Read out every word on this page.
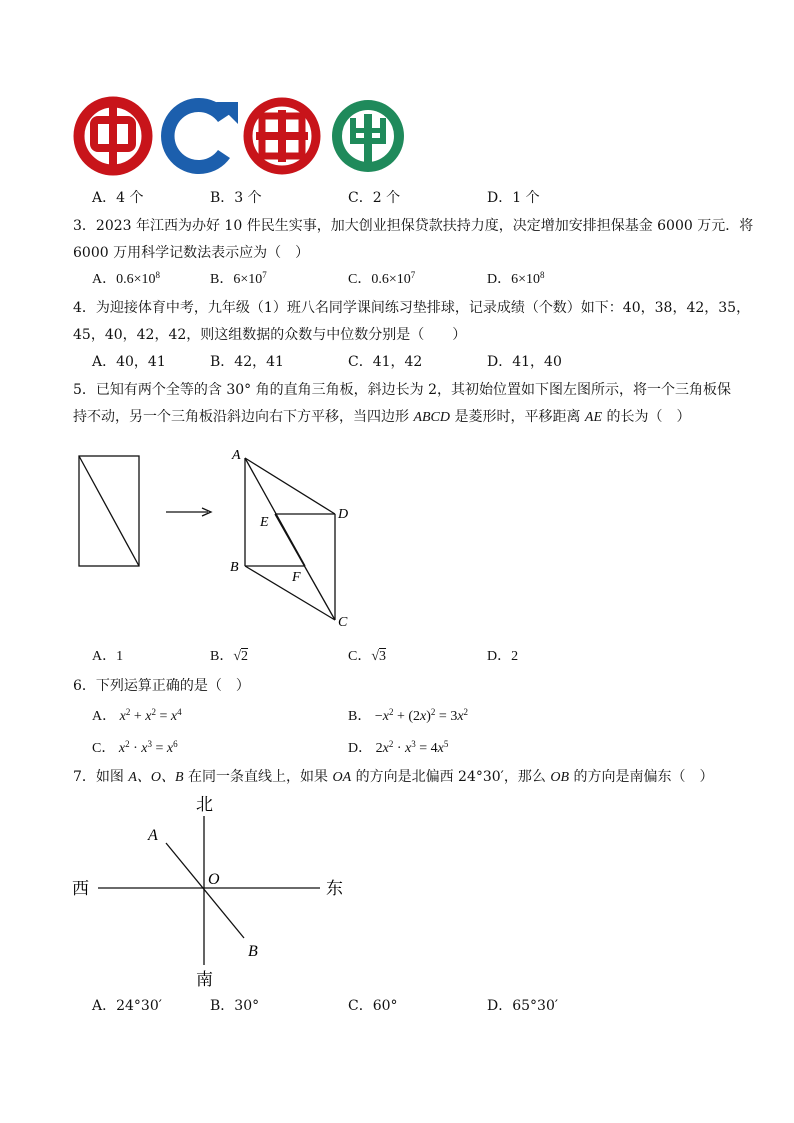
A．4 个	B．3 个	C．2 个	D．1 个
3．2023 年江西为办好 10 件民生实事，加大创业担保贷款扶持力度，决定增加安排担保基金 6000 万元．将
6000 万用科学记数法表示应为（　）
A．$0.6\times 10^8$	B．$6\times 10^7$	C．$0.6\times 10^7$	D．$6\times 10^8$
4．为迎接体育中考，九年级（1）班八名同学课间练习垫排球，记录成绩（个数）如下：40，38，42，35，
45，40，42，42，则这组数据的众数与中位数分别是（　　）
A．40，41	B．42，41	C．41，42	D．41，40
5．已知有两个全等的含 30° 角的直角三角板，斜边长为 2，其初始位置如下图左图所示，将一个三角板保
持不动，另一个三角板沿斜边向右下方平移，当四边形 ABCD 是菱形时，平移距离 AE 的长为（　）
A
B
C
D
E
F
A．1	B．√2	C．√3	D．2
6．下列运算正确的是（　）
A． $x^2 + x^2 = x^4$	B． $-x^2 + (2x)^2 = 3x^2$
C． $x^2 \cdot x^3 = x^6$	D． $2x^2 \cdot x^3 = 4x^5$
7．如图 A、O、B 在同一条直线上，如果 OA 的方向是北偏西 24°30′，那么 OB 的方向是南偏东（　）
北
南
西	东
O
A
B
A．24°30′	B．30°	C．60°	D．65°30′
